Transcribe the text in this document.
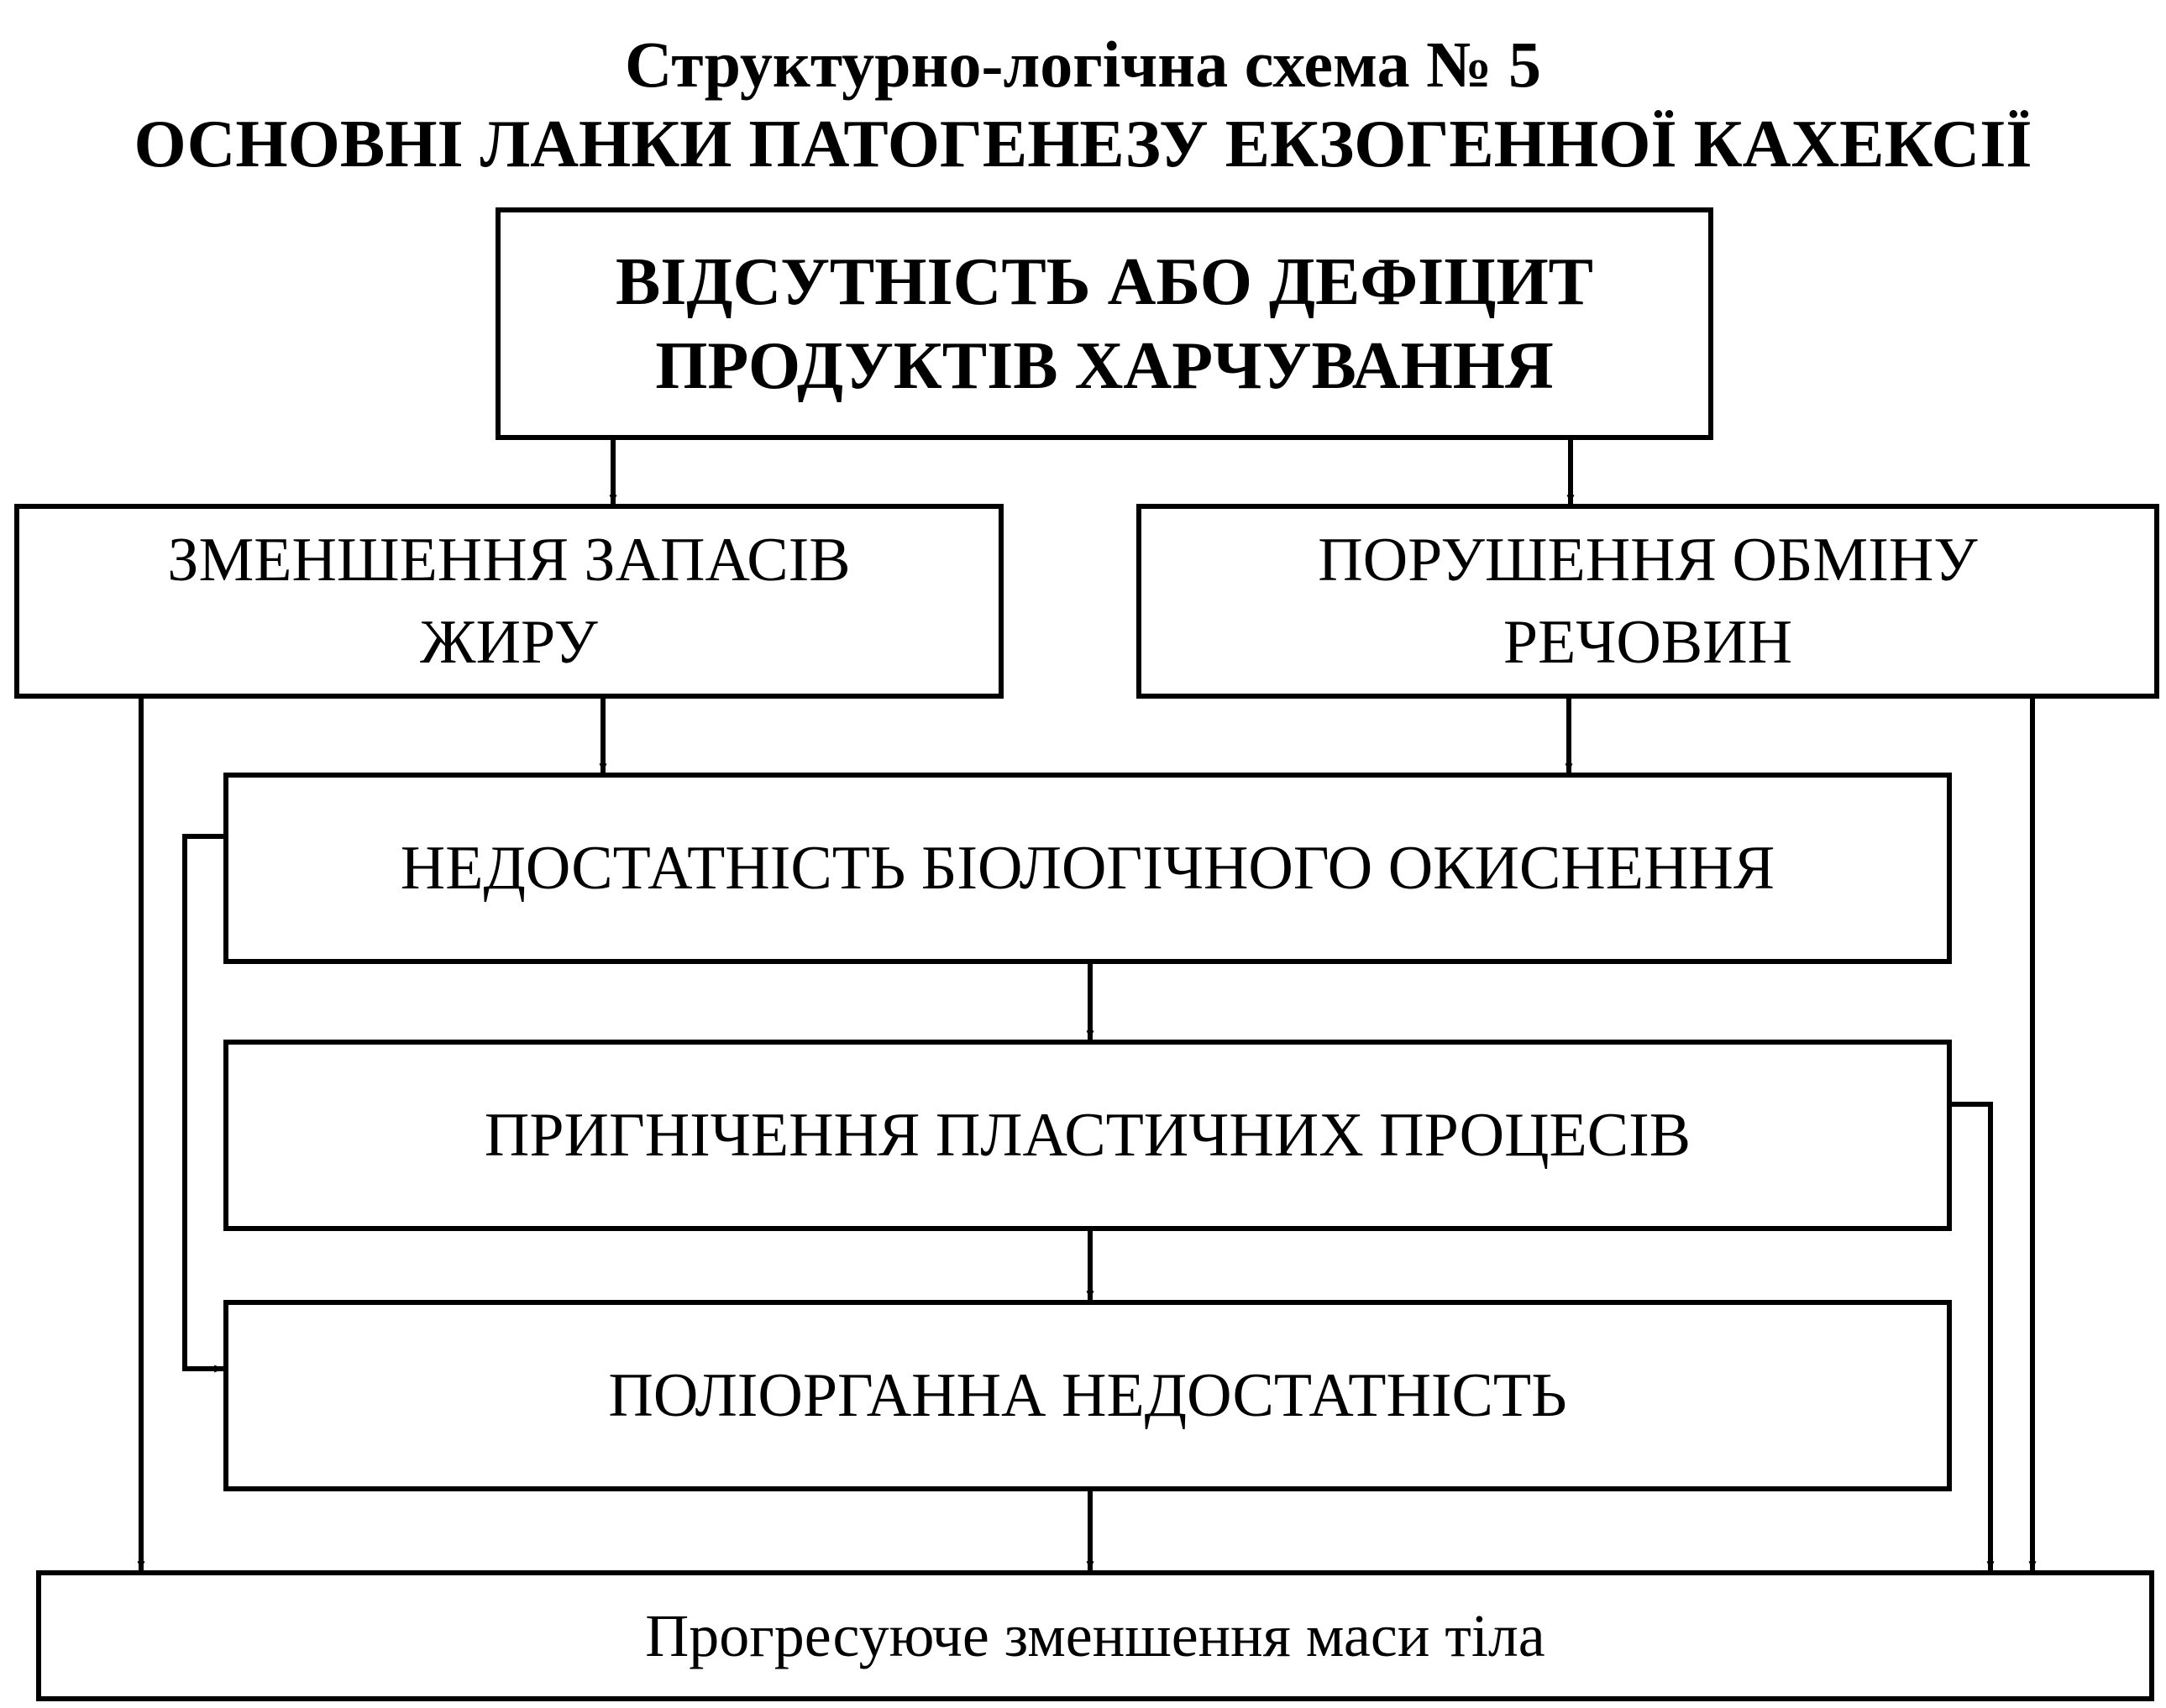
Структурно-логічна схема № 5
ОСНОВНІ ЛАНКИ ПАТОГЕНЕЗУ ЕКЗОГЕННОЇ КАХЕКСІЇ
ВІДСУТНІСТЬ АБО ДЕФІЦИТ
ПРОДУКТІВ ХАРЧУВАННЯ
ЗМЕНШЕННЯ ЗАПАСІВ
ЖИРУ
ПОРУШЕННЯ ОБМІНУ
РЕЧОВИН
НЕДОСТАТНІСТЬ БІОЛОГІЧНОГО ОКИСНЕННЯ
ПРИГНІЧЕННЯ ПЛАСТИЧНИХ ПРОЦЕСІВ
ПОЛІОРГАННА НЕДОСТАТНІСТЬ
Прогресуюче зменшення маси тіла
